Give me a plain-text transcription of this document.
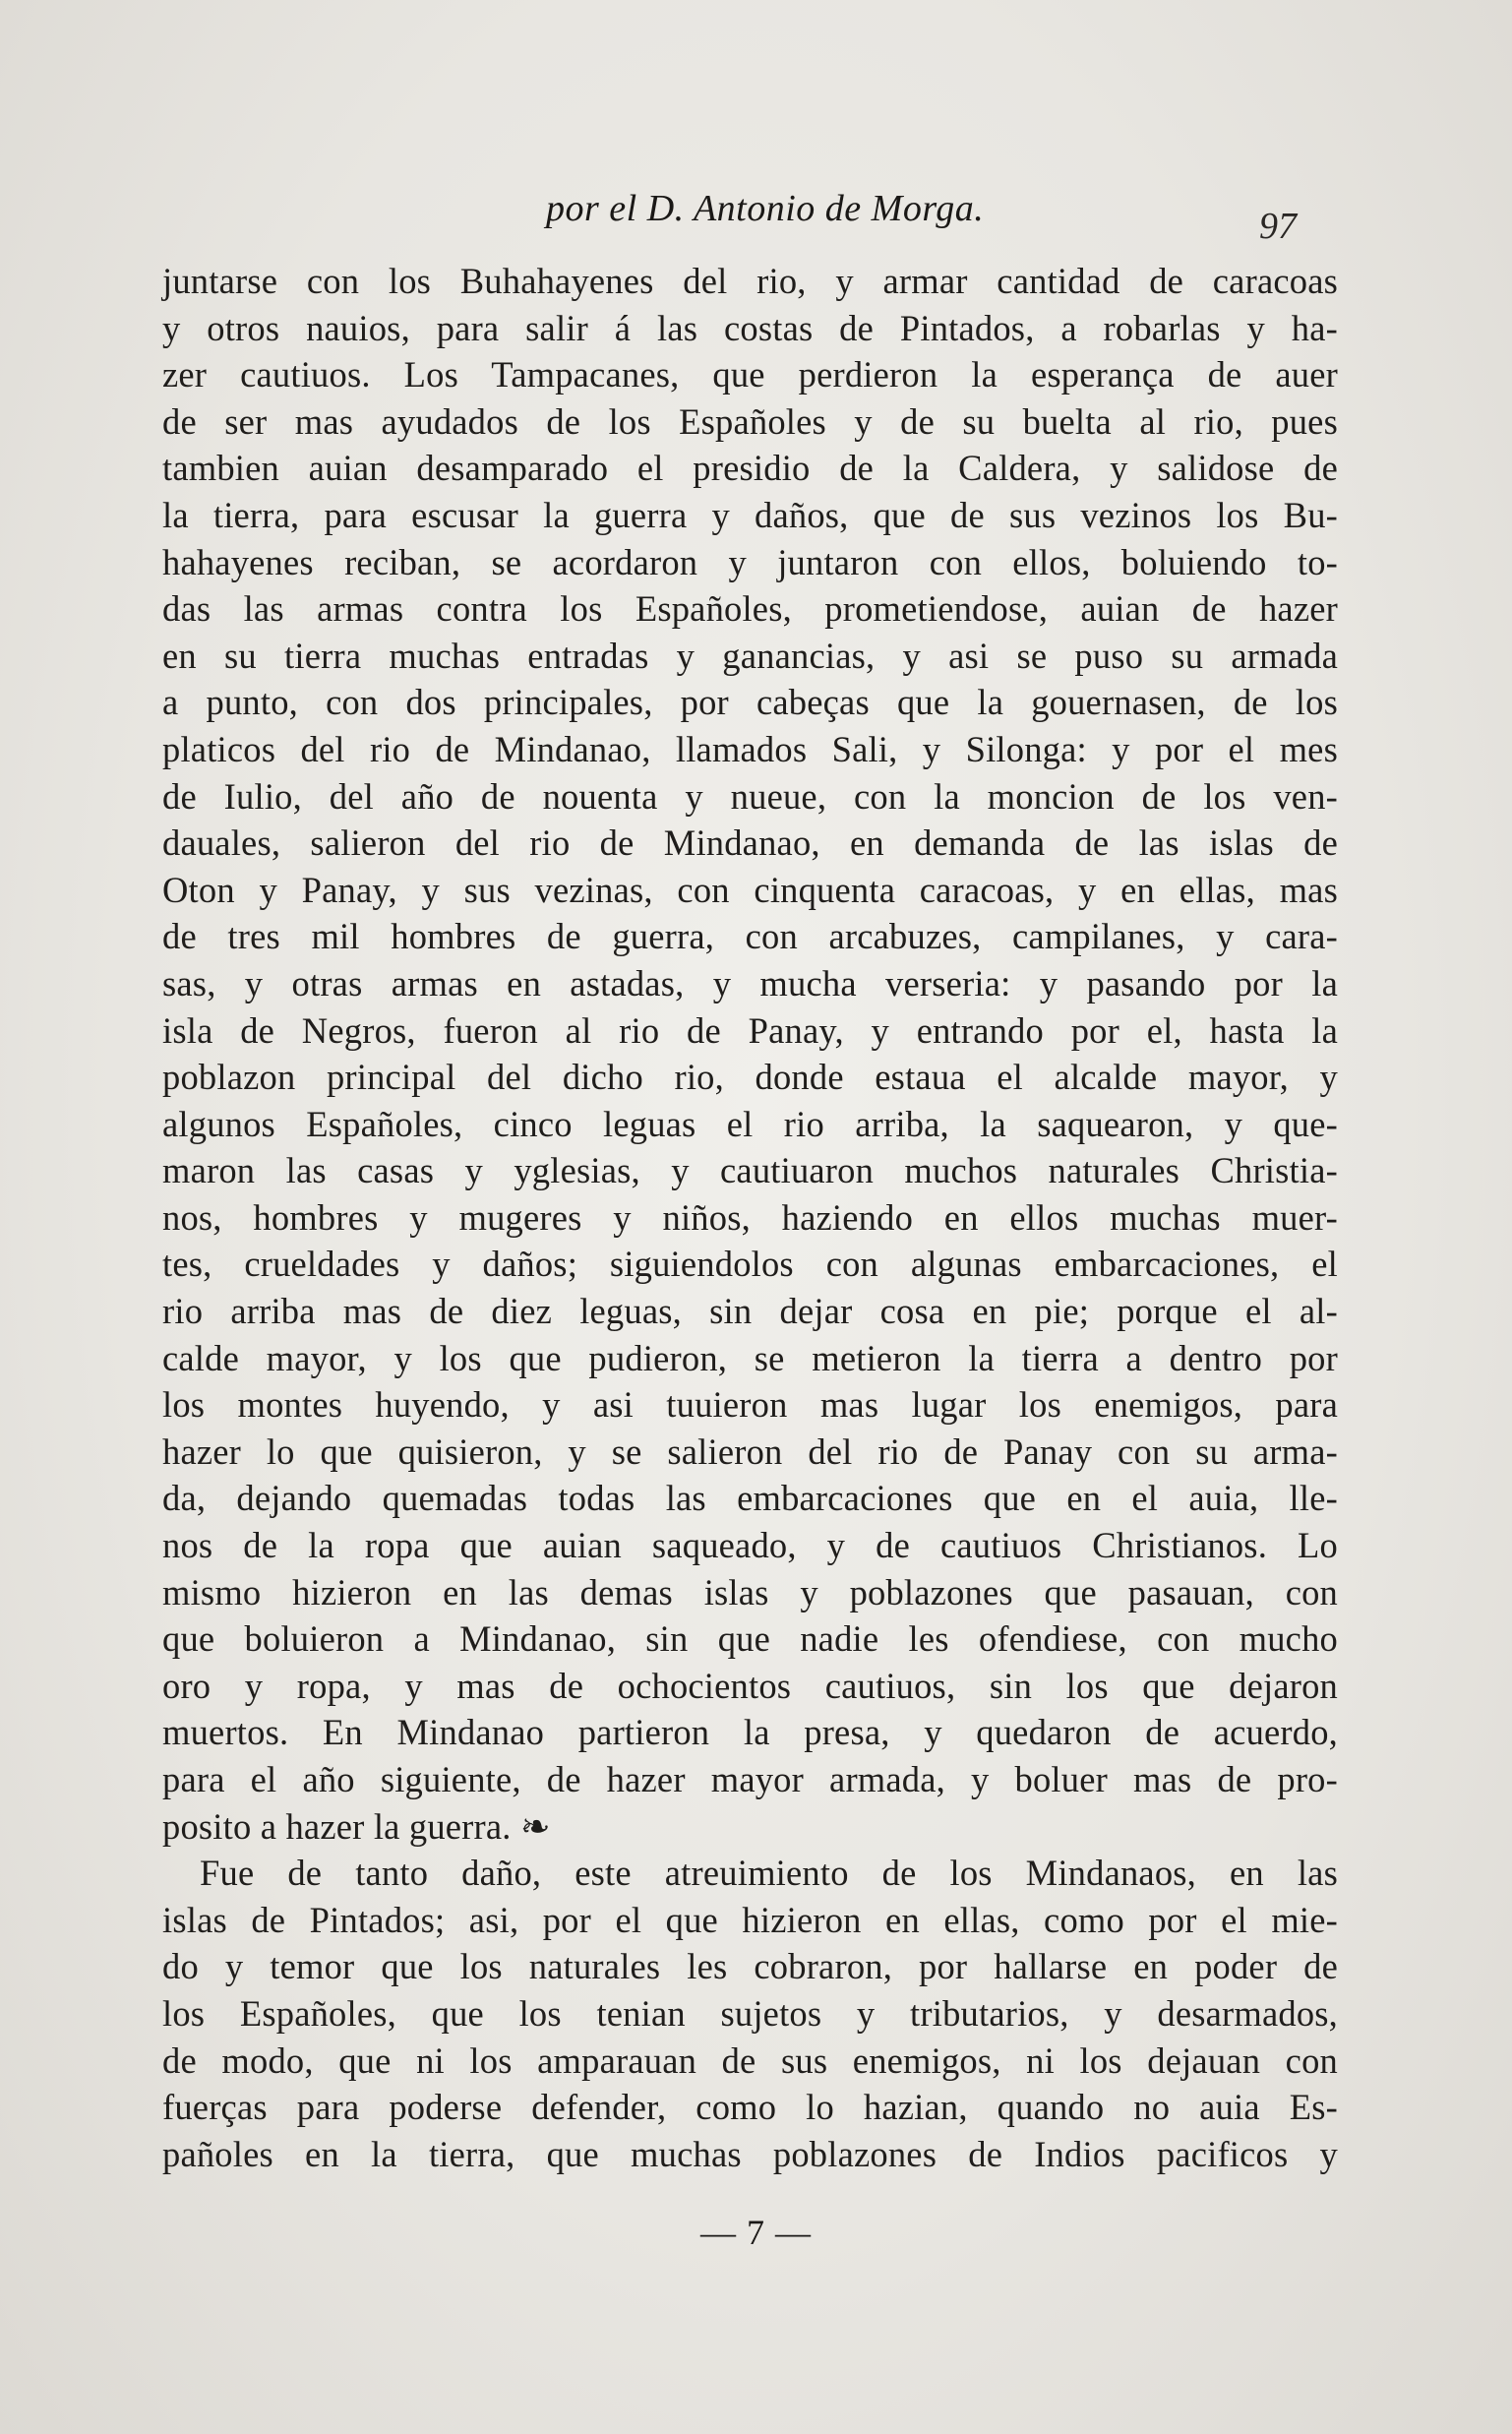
por el D. Antonio de Morga.	97
juntarse con los Buhahayenes del rio, y armar cantidad de caracoas
y otros nauios, para salir á las costas de Pintados, a robarlas y ha-
zer cautiuos. Los Tampacanes, que perdieron la esperança de auer
de ser mas ayudados de los Españoles y de su buelta al rio, pues
tambien auian desamparado el presidio de la Caldera, y salidose de
la tierra, para escusar la guerra y daños, que de sus vezinos los Bu-
hahayenes reciban, se acordaron y juntaron con ellos, boluiendo to-
das las armas contra los Españoles, prometiendose, auian de hazer
en su tierra muchas entradas y ganancias, y asi se puso su armada
a punto, con dos principales, por cabeças que la gouernasen, de los
platicos del rio de Mindanao, llamados Sali, y Silonga: y por el mes
de Iulio, del año de nouenta y nueue, con la moncion de los ven-
dauales, salieron del rio de Mindanao, en demanda de las islas de
Oton y Panay, y sus vezinas, con cinquenta caracoas, y en ellas, mas
de tres mil hombres de guerra, con arcabuzes, campilanes, y cara-
sas, y otras armas en astadas, y mucha verseria: y pasando por la
isla de Negros, fueron al rio de Panay, y entrando por el, hasta la
poblazon principal del dicho rio, donde estaua el alcalde mayor, y
algunos Españoles, cinco leguas el rio arriba, la saquearon, y que-
maron las casas y yglesias, y cautiuaron muchos naturales Christia-
nos, hombres y mugeres y niños, haziendo en ellos muchas muer-
tes, crueldades y daños; siguiendolos con algunas embarcaciones, el
rio arriba mas de diez leguas, sin dejar cosa en pie; porque el al-
calde mayor, y los que pudieron, se metieron la tierra a dentro por
los montes huyendo, y asi tuuieron mas lugar los enemigos, para
hazer lo que quisieron, y se salieron del rio de Panay con su arma-
da, dejando quemadas todas las embarcaciones que en el auia, lle-
nos de la ropa que auian saqueado, y de cautiuos Christianos. Lo
mismo hizieron en las demas islas y poblazones que pasauan, con
que boluieron a Mindanao, sin que nadie les ofendiese, con mucho
oro y ropa, y mas de ochocientos cautiuos, sin los que dejaron
muertos. En Mindanao partieron la presa, y quedaron de acuerdo,
para el año siguiente, de hazer mayor armada, y boluer mas de pro-
posito a hazer la guerra. ❧
Fue de tanto daño, este atreuimiento de los Mindanaos, en las
islas de Pintados; asi, por el que hizieron en ellas, como por el mie-
do y temor que los naturales les cobraron, por hallarse en poder de
los Españoles, que los tenian sujetos y tributarios, y desarmados,
de modo, que ni los amparauan de sus enemigos, ni los dejauan con
fuerças para poderse defender, como lo hazian, quando no auia Es-
pañoles en la tierra, que muchas poblazones de Indios pacificos y
— 7 —
